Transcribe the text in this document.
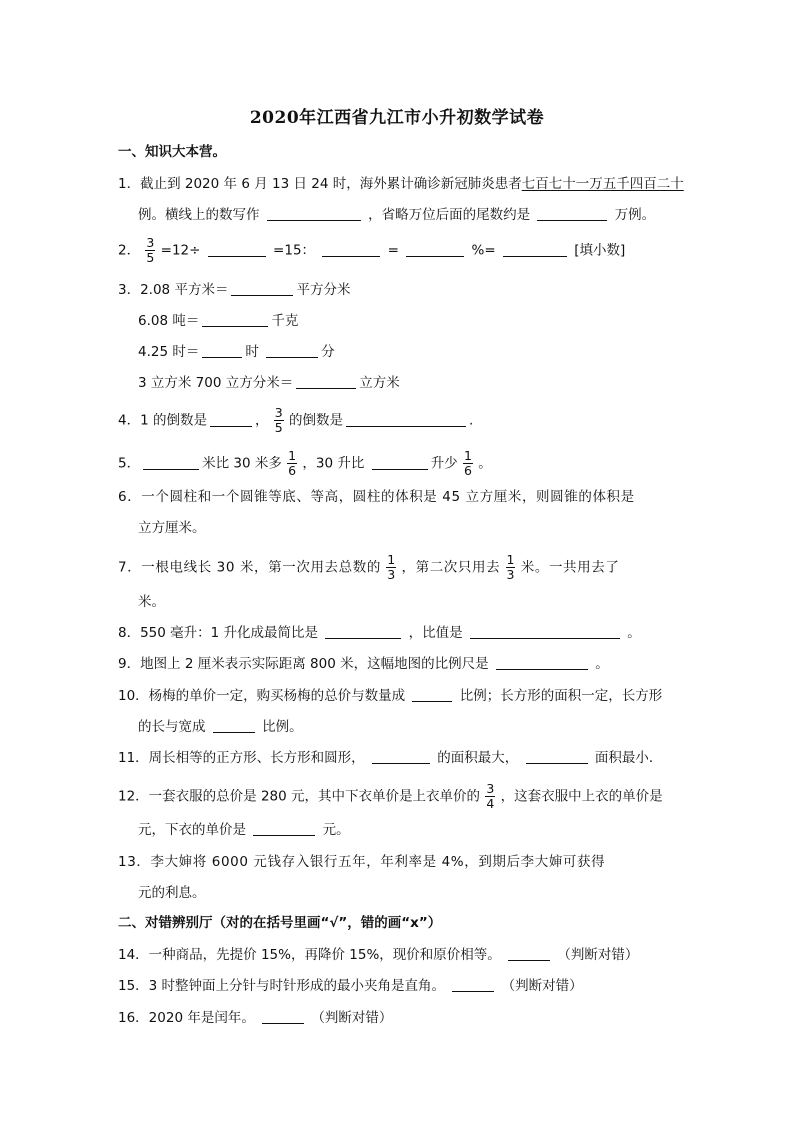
2020年江西省九江市小升初数学试卷
一、知识大本营。
1．截止到 2020 年 6 月 13 日 24 时，海外累计确诊新冠肺炎患者七百七十一万五千四百二十
例。横线上的数写作	，省略万位后面的尾数约是	万例。
2． $\frac{3}{5} =12\div$	=15：	=	%=	[填小数]
3．2.08 平方米＝	平方分米
6.08 吨＝	千克
4.25 时＝	时	分
3 立方米 700 立方分米＝	立方米
4．1 的倒数是	， $\frac{3}{5}$ 的倒数是	.
5．	米比 30 米多 $\frac{1}{6}$ ，30 升比	升少 $\frac{1}{6}$ 。
6．一个圆柱和一个圆锥等底、等高，圆柱的体积是 45 立方厘米，则圆锥的体积是
立方厘米。
7．一根电线长 30 米，第一次用去总数的 $\frac{1}{3}$ ，第二次只用去 $\frac{1}{3}$ 米。一共用去了
米。
8．550 毫升：1 升化成最简比是	，比值是	。
9．地图上 2 厘米表示实际距离 800 米，这幅地图的比例尺是	。
10．杨梅的单价一定，购买杨梅的总价与数量成	比例；长方形的面积一定，长方形
的长与宽成	比例。
11．周长相等的正方形、长方形和圆形，	的面积最大，	面积最小．
12．一套衣服的总价是 280 元，其中下衣单价是上衣单价的 $\frac{3}{4}$ ，这套衣服中上衣的单价是
元，下衣的单价是	元。
13．李大婶将 6000 元钱存入银行五年，年利率是 4%，到期后李大婶可获得
元的利息。
二、对错辨别厅（对的在括号里画“√”，错的画“x”）
14．一种商品，先提价 15%，再降价 15%，现价和原价相等。	（判断对错）
15．3 时整钟面上分针与时针形成的最小夹角是直角。	（判断对错）
16．2020 年是闰年。	（判断对错）
